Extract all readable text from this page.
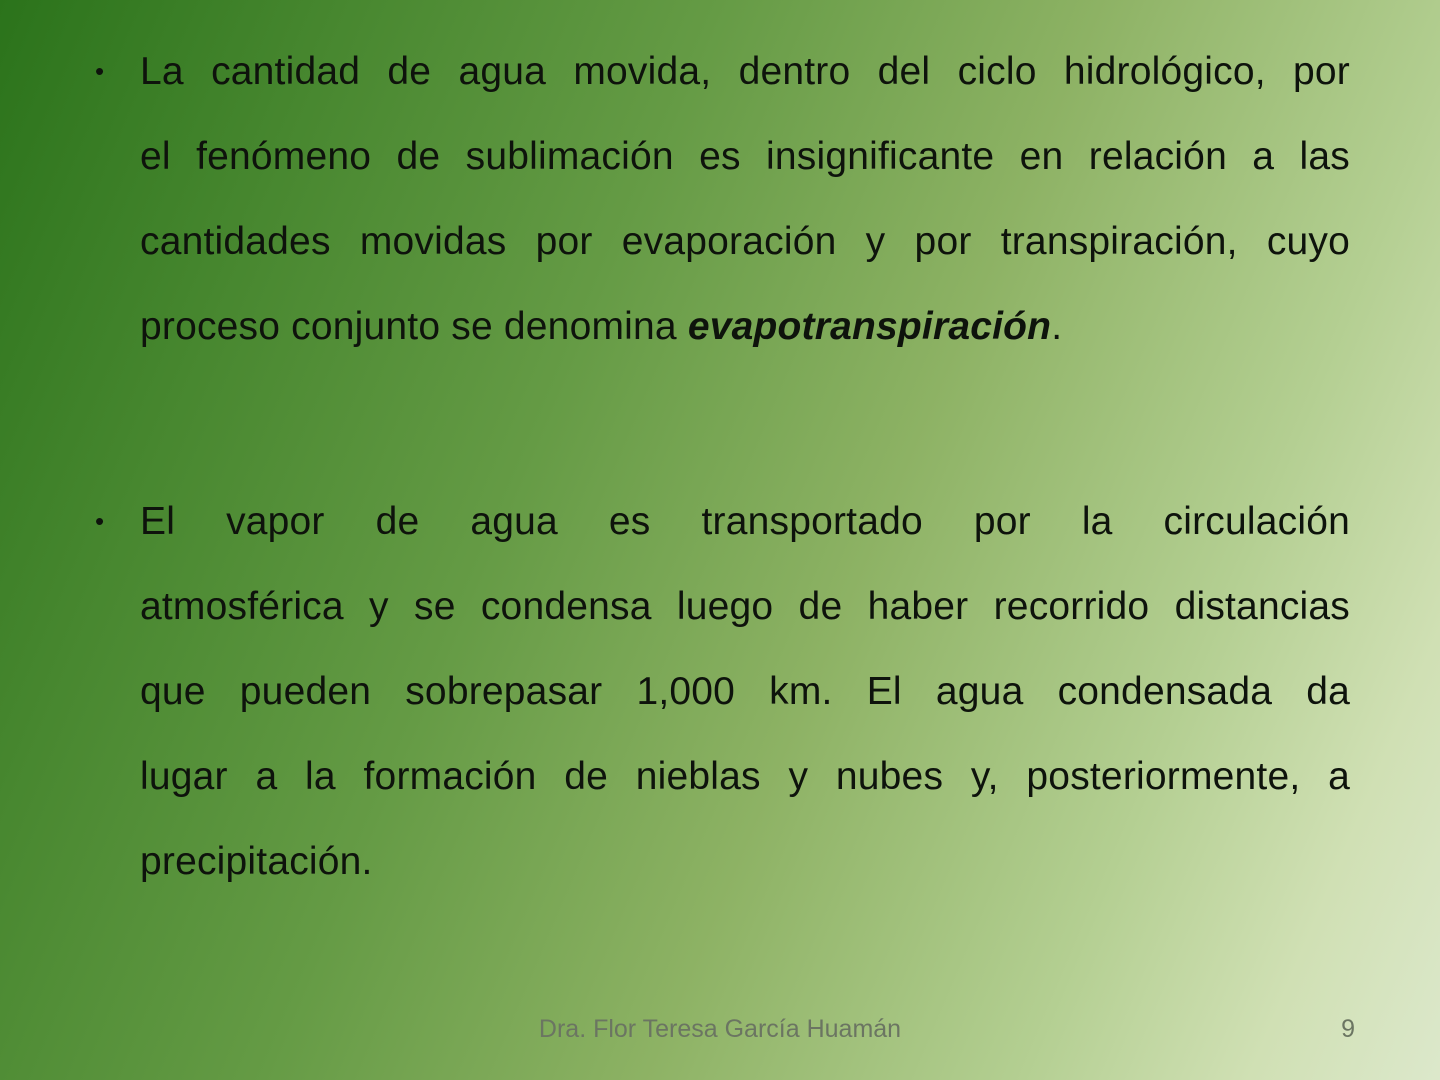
• La cantidad de agua movida, dentro del ciclo hidrológico, por
el fenómeno de sublimación es insignificante en relación a las
cantidades movidas por evaporación y por transpiración, cuyo
proceso conjunto se denomina evapotranspiración.
• El vapor de agua es transportado por la circulación
atmosférica y se condensa luego de haber recorrido distancias
que pueden sobrepasar 1,000 km. El agua condensada da
lugar a la formación de nieblas y nubes y, posteriormente, a
precipitación.
Dra. Flor Teresa García Huamán	9
